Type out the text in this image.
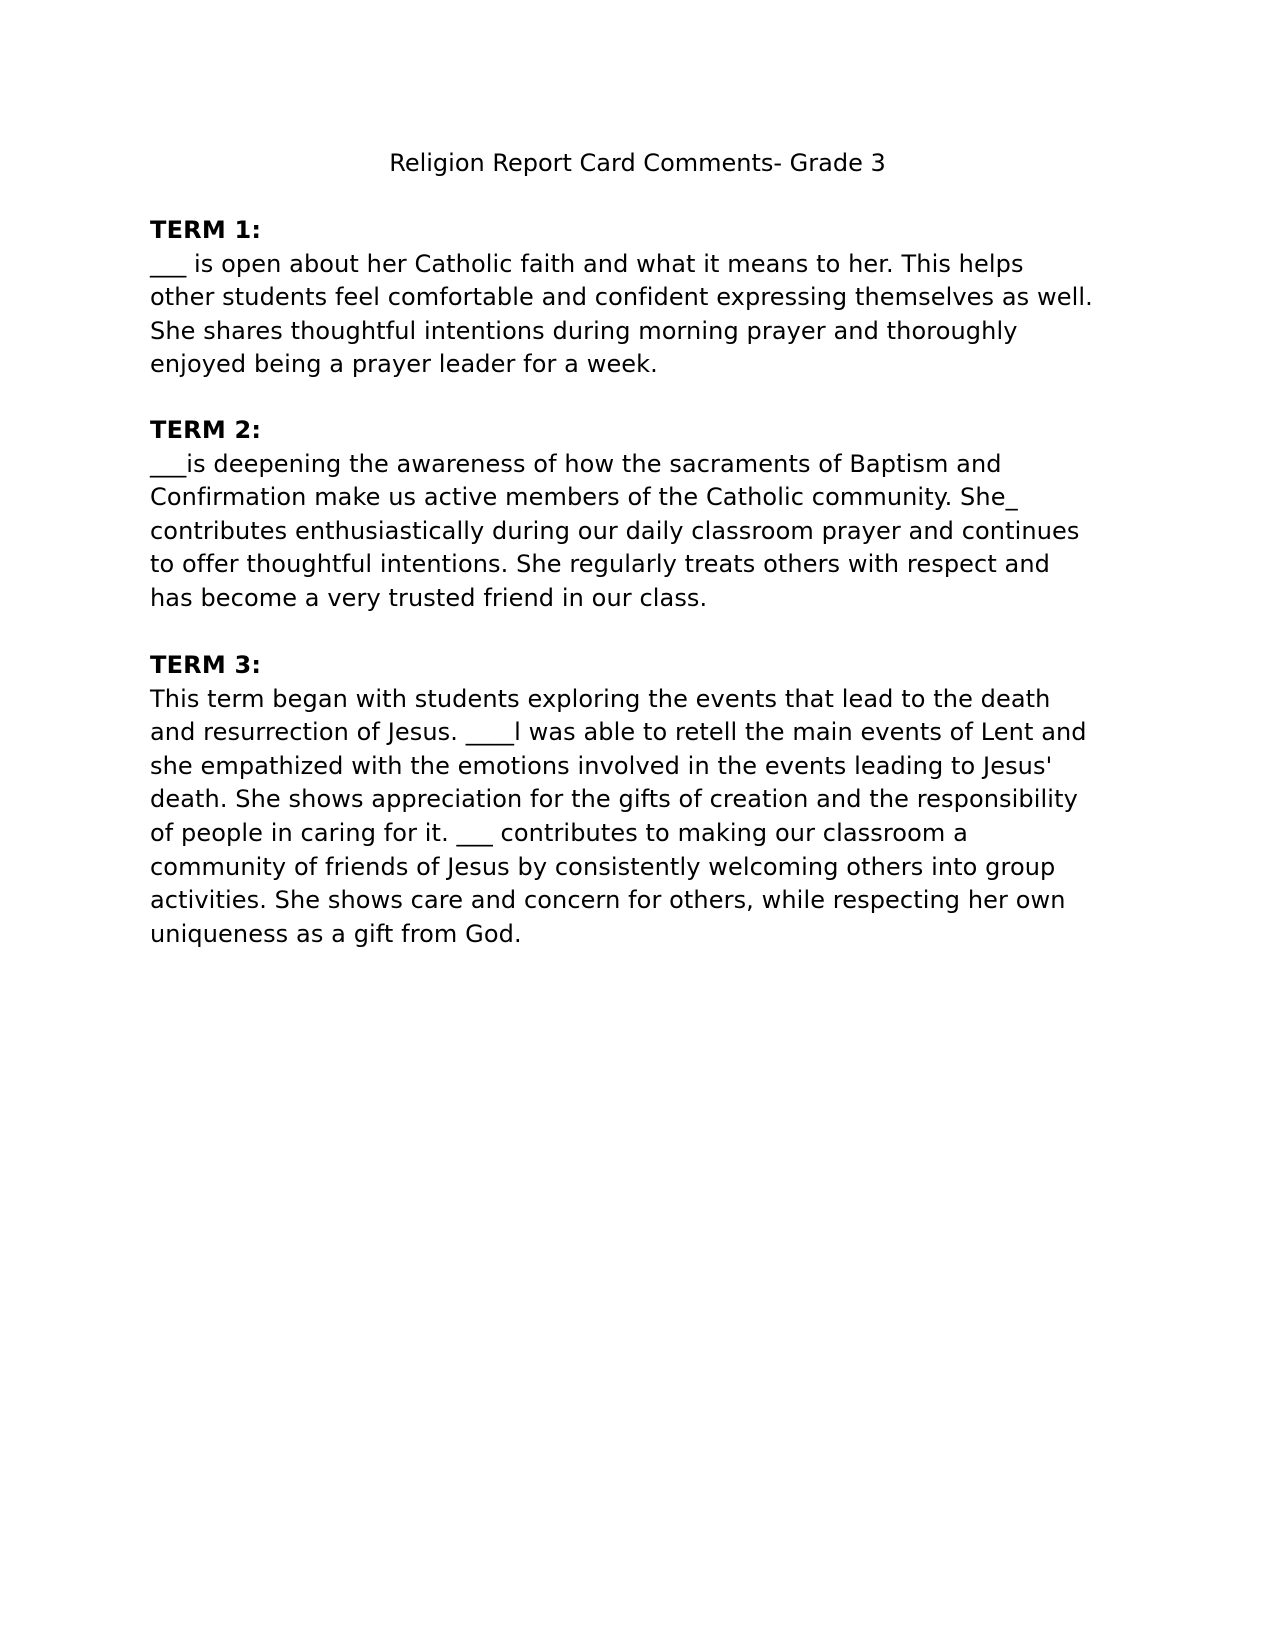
Religion Report Card Comments- Grade 3
TERM 1:

___ is open about her Catholic faith and what it means to her. This helps
other students feel comfortable and confident expressing themselves as well.
She shares thoughtful intentions during morning prayer and thoroughly
enjoyed being a prayer leader for a week.

TERM 2:

___is deepening the awareness of how the sacraments of Baptism and
Confirmation make us active members of the Catholic community. She_
contributes enthusiastically during our daily classroom prayer and continues
to offer thoughtful intentions. She regularly treats others with respect and
has become a very trusted friend in our class.

TERM 3:

This term began with students exploring the events that lead to the death
and resurrection of Jesus. ____l was able to retell the main events of Lent and
she empathized with the emotions involved in the events leading to Jesus'
death. She shows appreciation for the gifts of creation and the responsibility
of people in caring for it. ___ contributes to making our classroom a
community of friends of Jesus by consistently welcoming others into group
activities. She shows care and concern for others, while respecting her own
uniqueness as a gift from God.
